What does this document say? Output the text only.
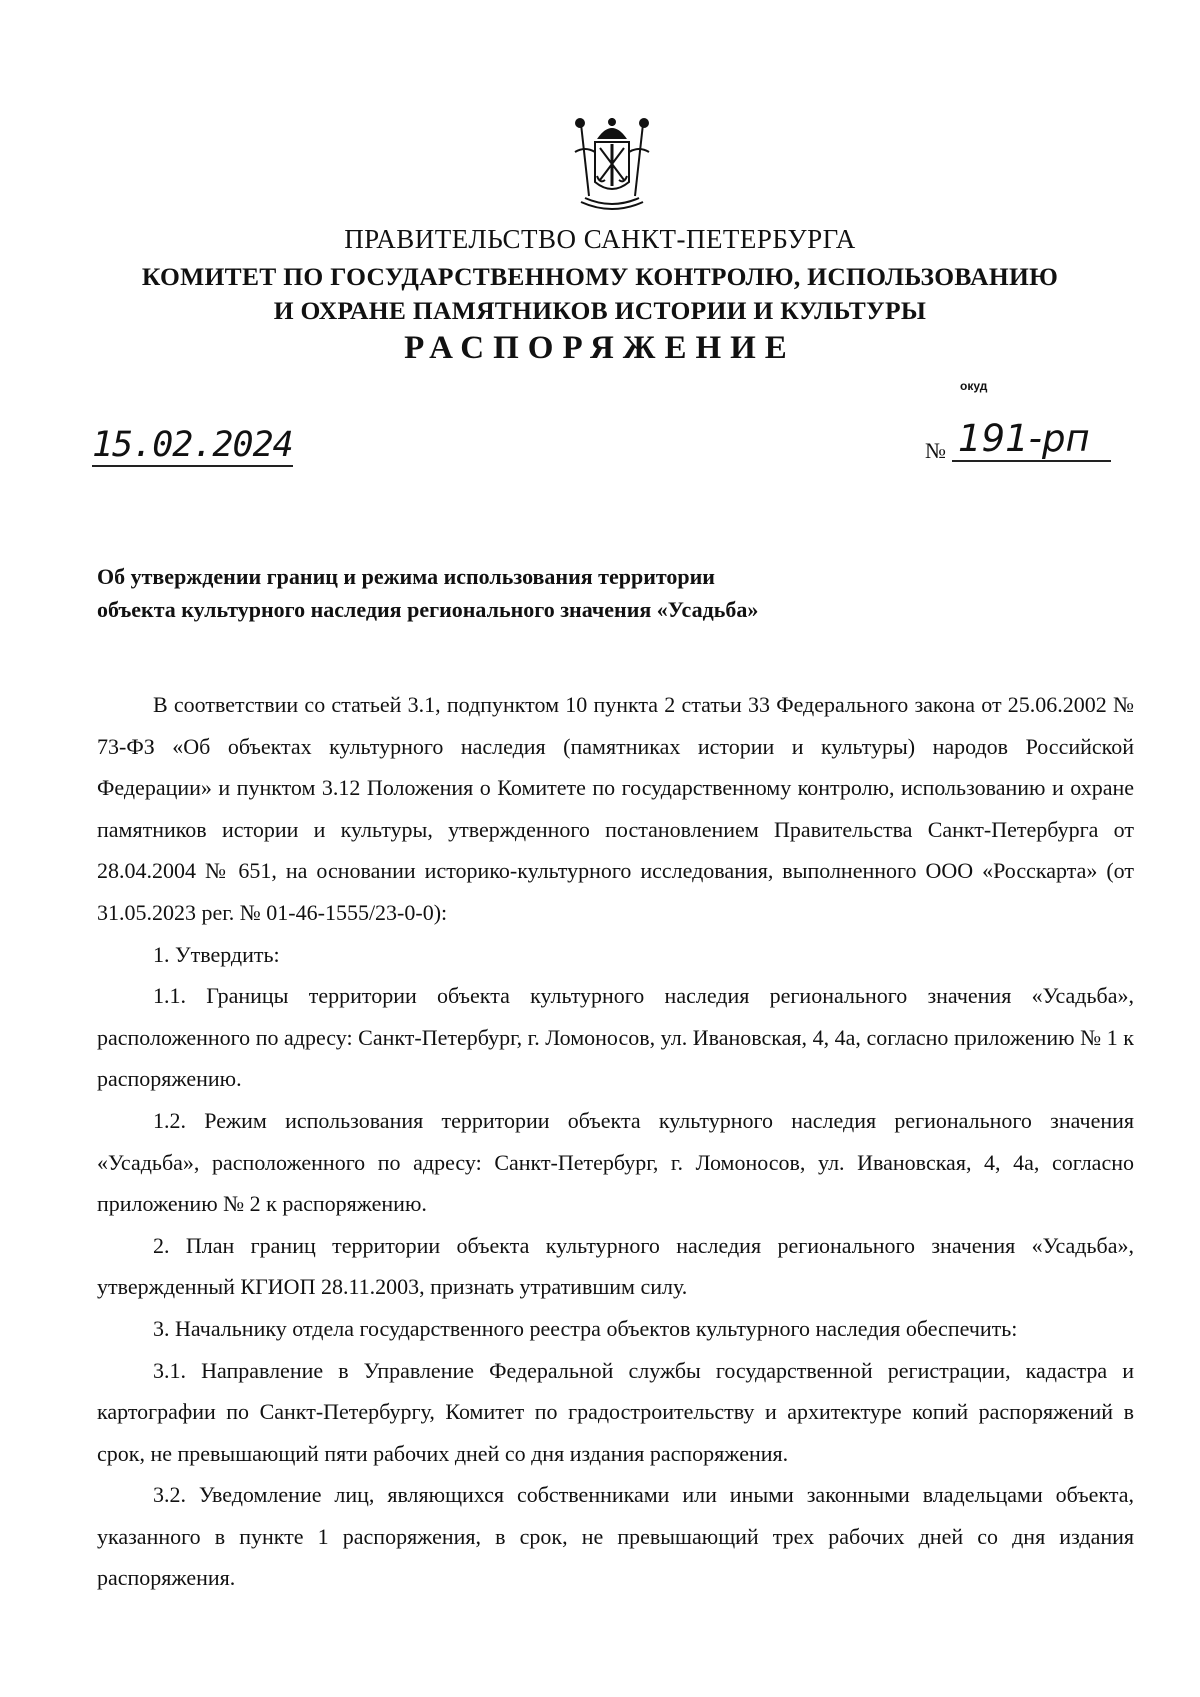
ПРАВИТЕЛЬСТВО САНКТ-ПЕТЕРБУРГА
КОМИТЕТ ПО ГОСУДАРСТВЕННОМУ КОНТРОЛЮ, ИСПОЛЬЗОВАНИЮ
И ОХРАНЕ ПАМЯТНИКОВ ИСТОРИИ И КУЛЬТУРЫ
РАСПОРЯЖЕНИЕ
окуд
15.02.2024	№ 191-рп
Об утверждении границ и режима использования территории
объекта культурного наследия регионального значения «Усадьба»

В соответствии со статьей 3.1, подпунктом 10 пункта 2 статьи 33 Федерального закона от 25.06.2002 № 73-ФЗ «Об объектах культурного наследия (памятниках истории и культуры) народов Российской Федерации» и пунктом 3.12 Положения о Комитете по государственному контролю, использованию и охране памятников истории и культуры, утвержденного постановлением Правительства Санкт-Петербурга от 28.04.2004 № 651, на основании историко-культурного исследования, выполненного ООО «Росскарта» (от 31.05.2023 рег. № 01-46-1555/23-0-0):

1. Утвердить:

1.1. Границы территории объекта культурного наследия регионального значения «Усадьба», расположенного по адресу: Санкт-Петербург, г. Ломоносов, ул. Ивановская, 4, 4а, согласно приложению № 1 к распоряжению.

1.2. Режим использования территории объекта культурного наследия регионального значения «Усадьба», расположенного по адресу: Санкт-Петербург, г. Ломоносов, ул. Ивановская, 4, 4а, согласно приложению № 2 к распоряжению.

2. План границ территории объекта культурного наследия регионального значения «Усадьба», утвержденный КГИОП 28.11.2003, признать утратившим силу.

3. Начальнику отдела государственного реестра объектов культурного наследия обеспечить:

3.1. Направление в Управление Федеральной службы государственной регистрации, кадастра и картографии по Санкт-Петербургу, Комитет по градостроительству и архитектуре копий распоряжений в срок, не превышающий пяти рабочих дней со дня издания распоряжения.

3.2. Уведомление лиц, являющихся собственниками или иными законными владельцами объекта, указанного в пункте 1 распоряжения, в срок, не превышающий трех рабочих дней со дня издания распоряжения.
